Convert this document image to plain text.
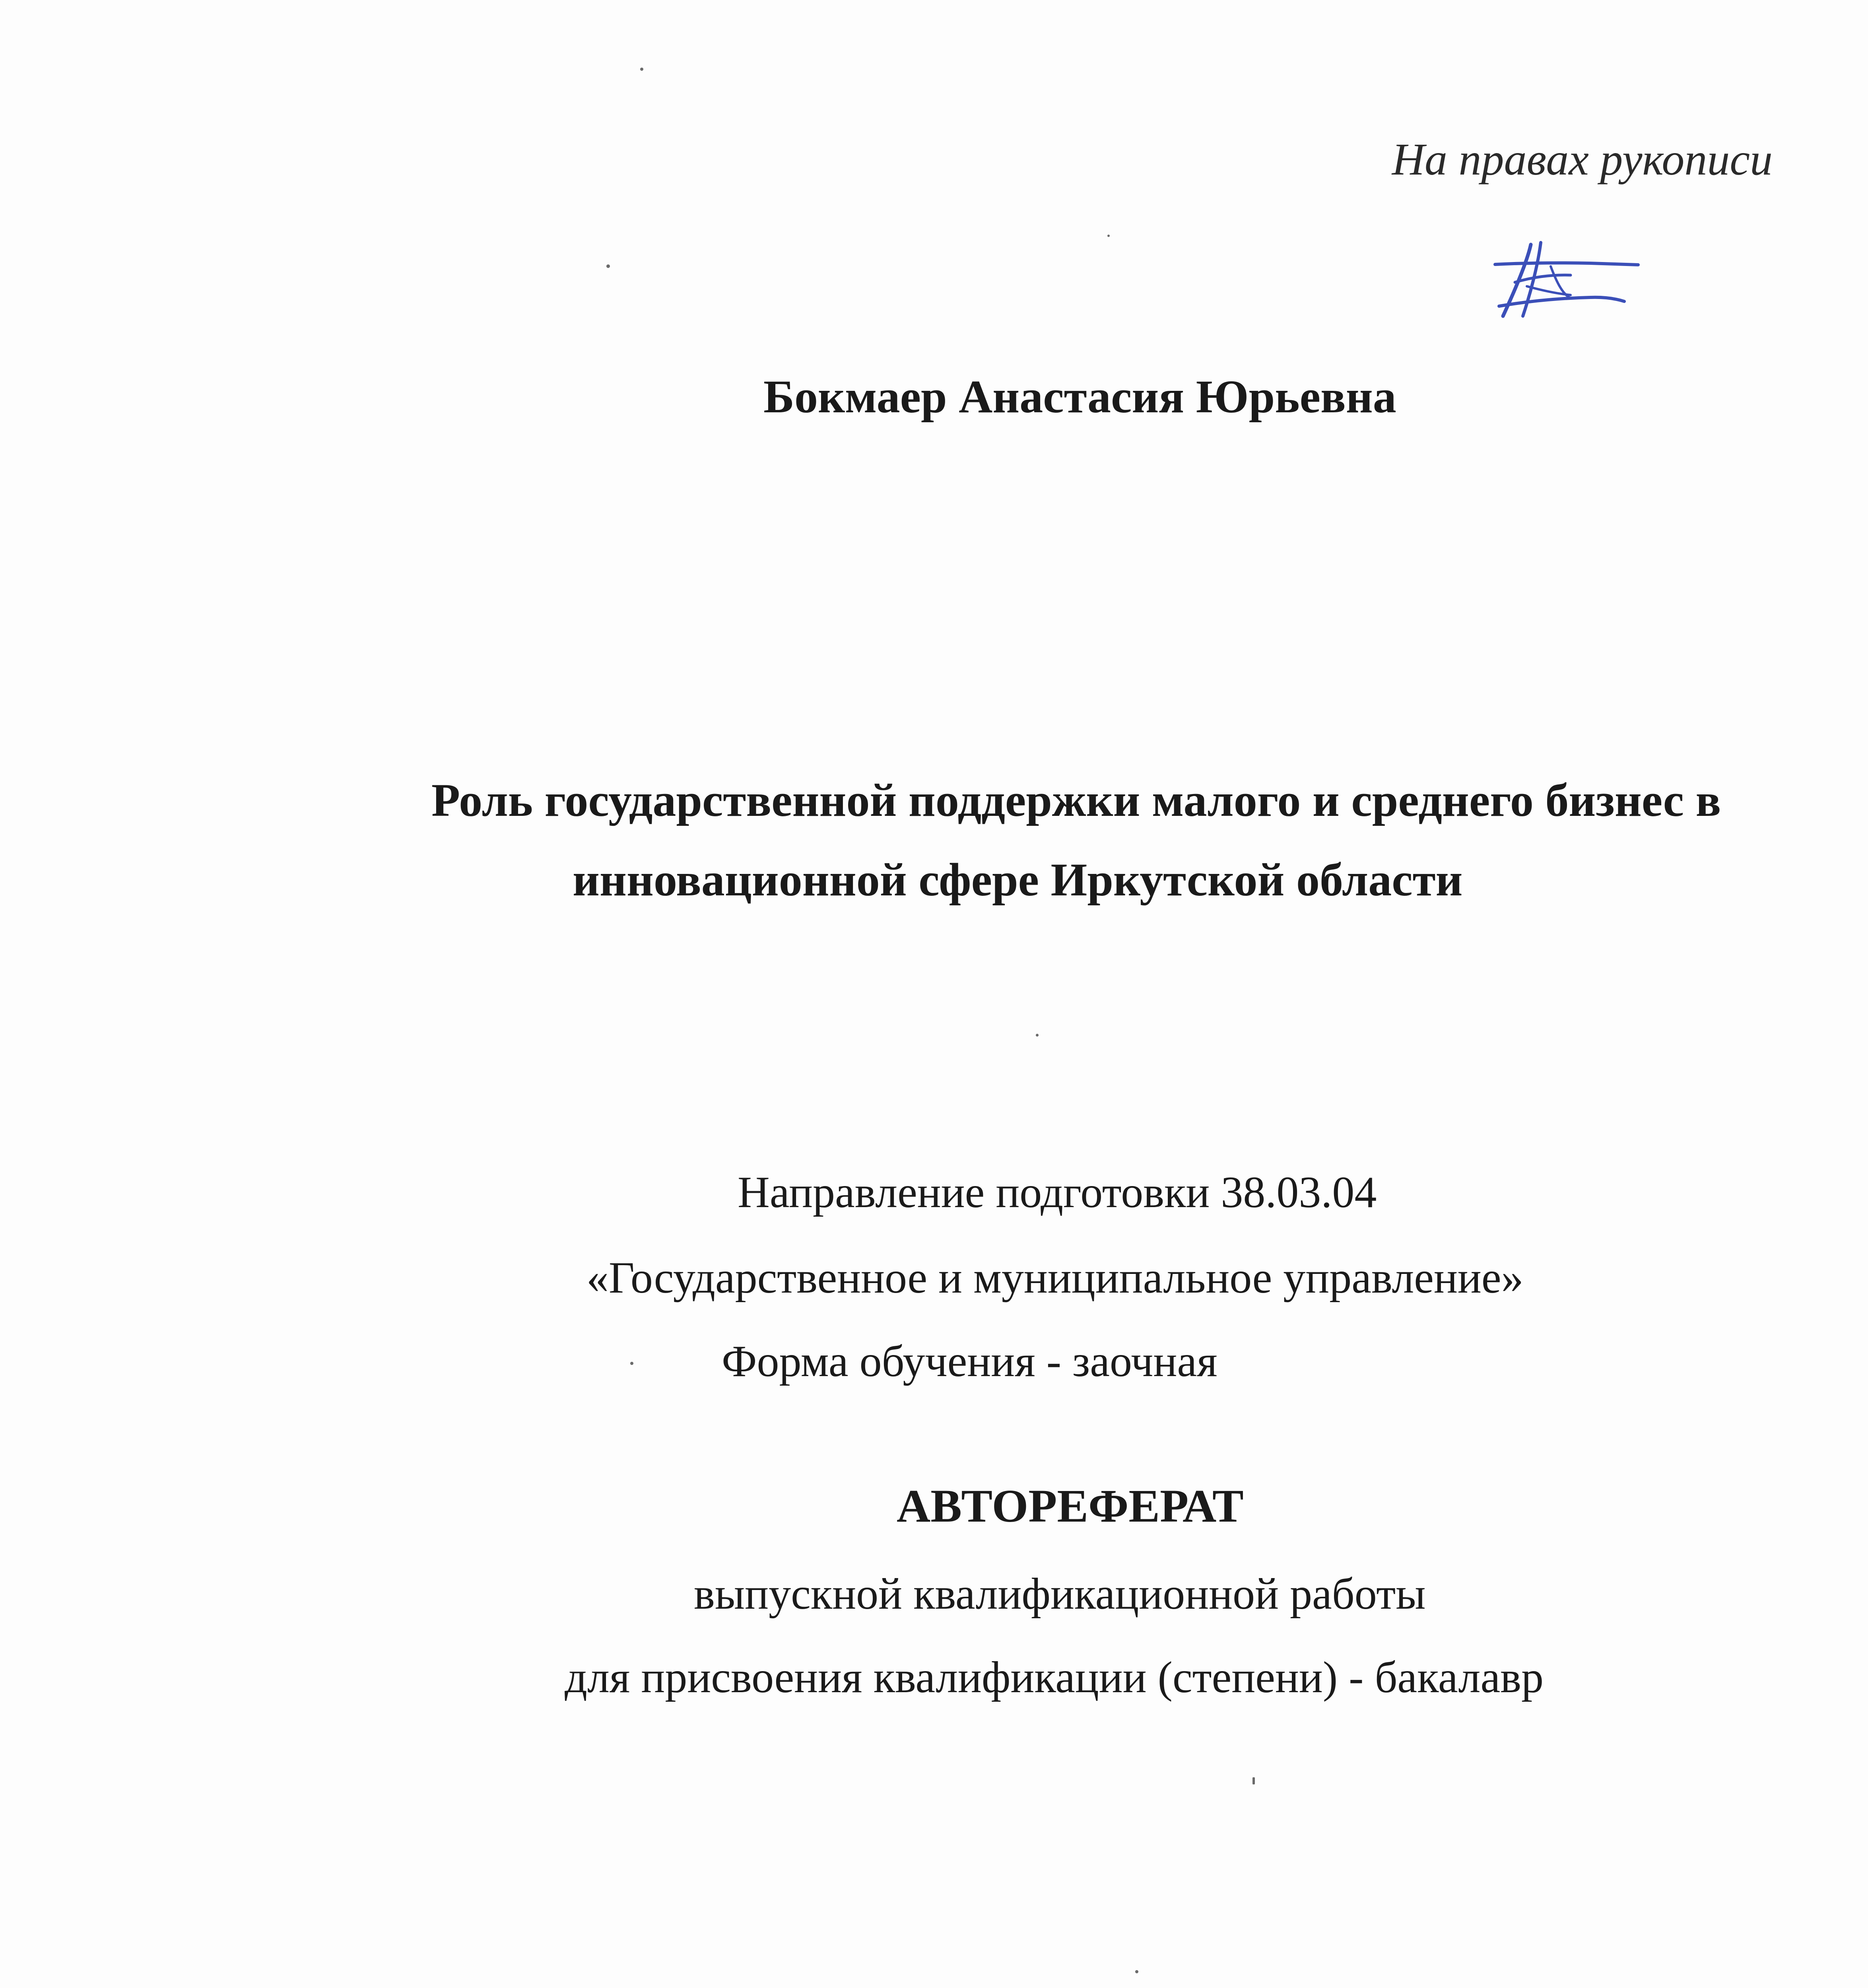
На правах рукописи
Бокмаер Анастасия Юрьевна
Роль государственной поддержки малого и среднего бизнес в
инновационной сфере Иркутской области
Направление подготовки 38.03.04
«Государственное и муниципальное управление»
Форма обучения - заочная
АВТОРЕФЕРАТ
выпускной квалификационной работы
для присвоения квалификации (степени) - бакалавр
